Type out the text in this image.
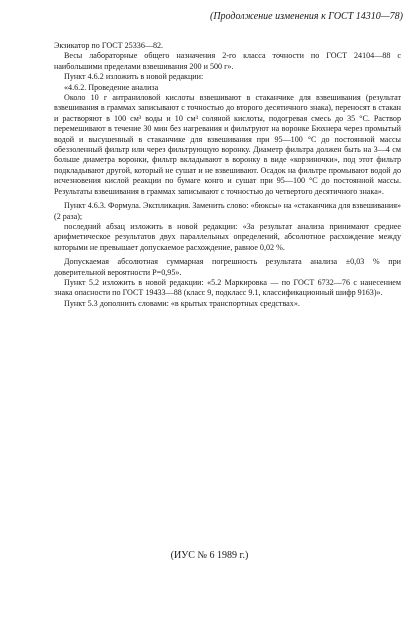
(Продолжение изменения к ГОСТ 14310—78)

Экзикатор по ГОСТ 25336—82.

Весы лабораторные общего назначения 2-го класса точности по ГОСТ 24104—88 с наибольшими пределами взвешивания 200 и 500 г».

Пункт 4.6.2 изложить в новой редакции:

«4.6.2. Проведение анализа

Около 10 г антраниловой кислоты взвешивают в стаканчике для взвешивания (результат взвешивания в граммах записывают с точностью до второго десятичного знака), переносят в стакан и растворяют в 100 см³ воды и 10 см³ соляной кислоты, подогревая смесь до 35 °С. Раствор перемешивают в течение 30 мин без нагревания и фильтруют на воронке Бюхнера через промытый водой и высушенный в стаканчике для взвешивания при 95—100 °С до постоянной массы обеззоленный фильтр или через фильтрующую воронку. Диаметр фильтра должен быть на 3—4 см больше диаметра воронки, фильтр вкладывают в воронку в виде «корзиночки», под этот фильтр подкладывают другой, который не сушат и не взвешивают. Осадок на фильтре промывают водой до исчезновения кислой реакции по бумаге конго и сушат при 95—100 °С до постоянной массы. Результаты взвешивания в граммах записывают с точностью до четвертого десятичного знака».

Пункт 4.6.3. Формула. Экспликация. Заменить слово: «бюксы» на «стаканчика для взвешивания» (2 раза);

последний абзац изложить в новой редакции: «За результат анализа принимают среднее арифметическое результатов двух параллельных определений, абсолютное расхождение между которыми не превышает допускаемое расхождение, равное 0,02 %.

Допускаемая абсолютная суммарная погрешность результата анализа ±0,03 % при доверительной вероятности P=0,95».

Пункт 5.2 изложить в новой редакции: «5.2 Маркировка — по ГОСТ 6732—76 с нанесением знака опасности по ГОСТ 19433—88 (класс 9, подкласс 9.1, классификационный шифр 9163)».

Пункт 5.3 дополнить словами: «в крытых транспортных средствах».

(ИУС № 6 1989 г.)
